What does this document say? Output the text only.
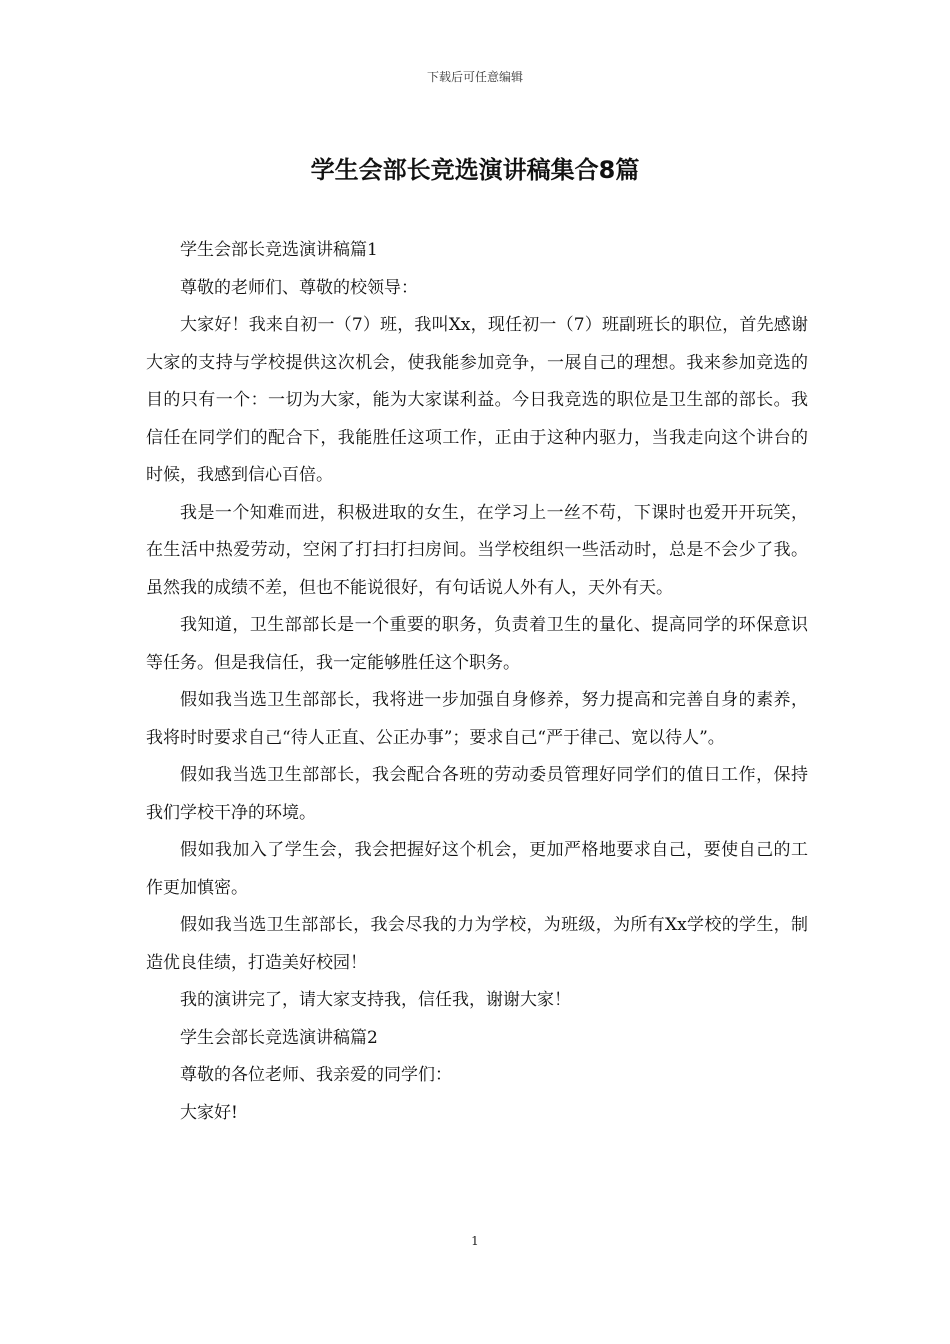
下载后可任意编辑
学生会部长竞选演讲稿集合8篇

学生会部长竞选演讲稿篇1

尊敬的老师们、尊敬的校领导：

大家好！我来自初一（7）班，我叫Xx，现任初一（7）班副班长的职位，首先感谢大家的支持与学校提供这次机会，使我能参加竞争，一展自己的理想。我来参加竞选的目的只有一个：一切为大家，能为大家谋利益。今日我竞选的职位是卫生部的部长。我信任在同学们的配合下，我能胜任这项工作，正由于这种内驱力，当我走向这个讲台的时候，我感到信心百倍。

我是一个知难而进，积极进取的女生，在学习上一丝不苟，下课时也爱开开玩笑，在生活中热爱劳动，空闲了打扫打扫房间。当学校组织一些活动时，总是不会少了我。虽然我的成绩不差，但也不能说很好，有句话说人外有人，天外有天。

我知道，卫生部部长是一个重要的职务，负责着卫生的量化、提高同学的环保意识等任务。但是我信任，我一定能够胜任这个职务。

假如我当选卫生部部长，我将进一步加强自身修养，努力提高和完善自身的素养，我将时时要求自己“待人正直、公正办事”；要求自己“严于律己、宽以待人”。

假如我当选卫生部部长，我会配合各班的劳动委员管理好同学们的值日工作，保持我们学校干净的环境。

假如我加入了学生会，我会把握好这个机会，更加严格地要求自己，要使自己的工作更加慎密。

假如我当选卫生部部长，我会尽我的力为学校，为班级，为所有Xx学校的学生，制造优良佳绩，打造美好校园！

我的演讲完了，请大家支持我，信任我，谢谢大家！

学生会部长竞选演讲稿篇2

尊敬的各位老师、我亲爱的同学们：

大家好!

1
